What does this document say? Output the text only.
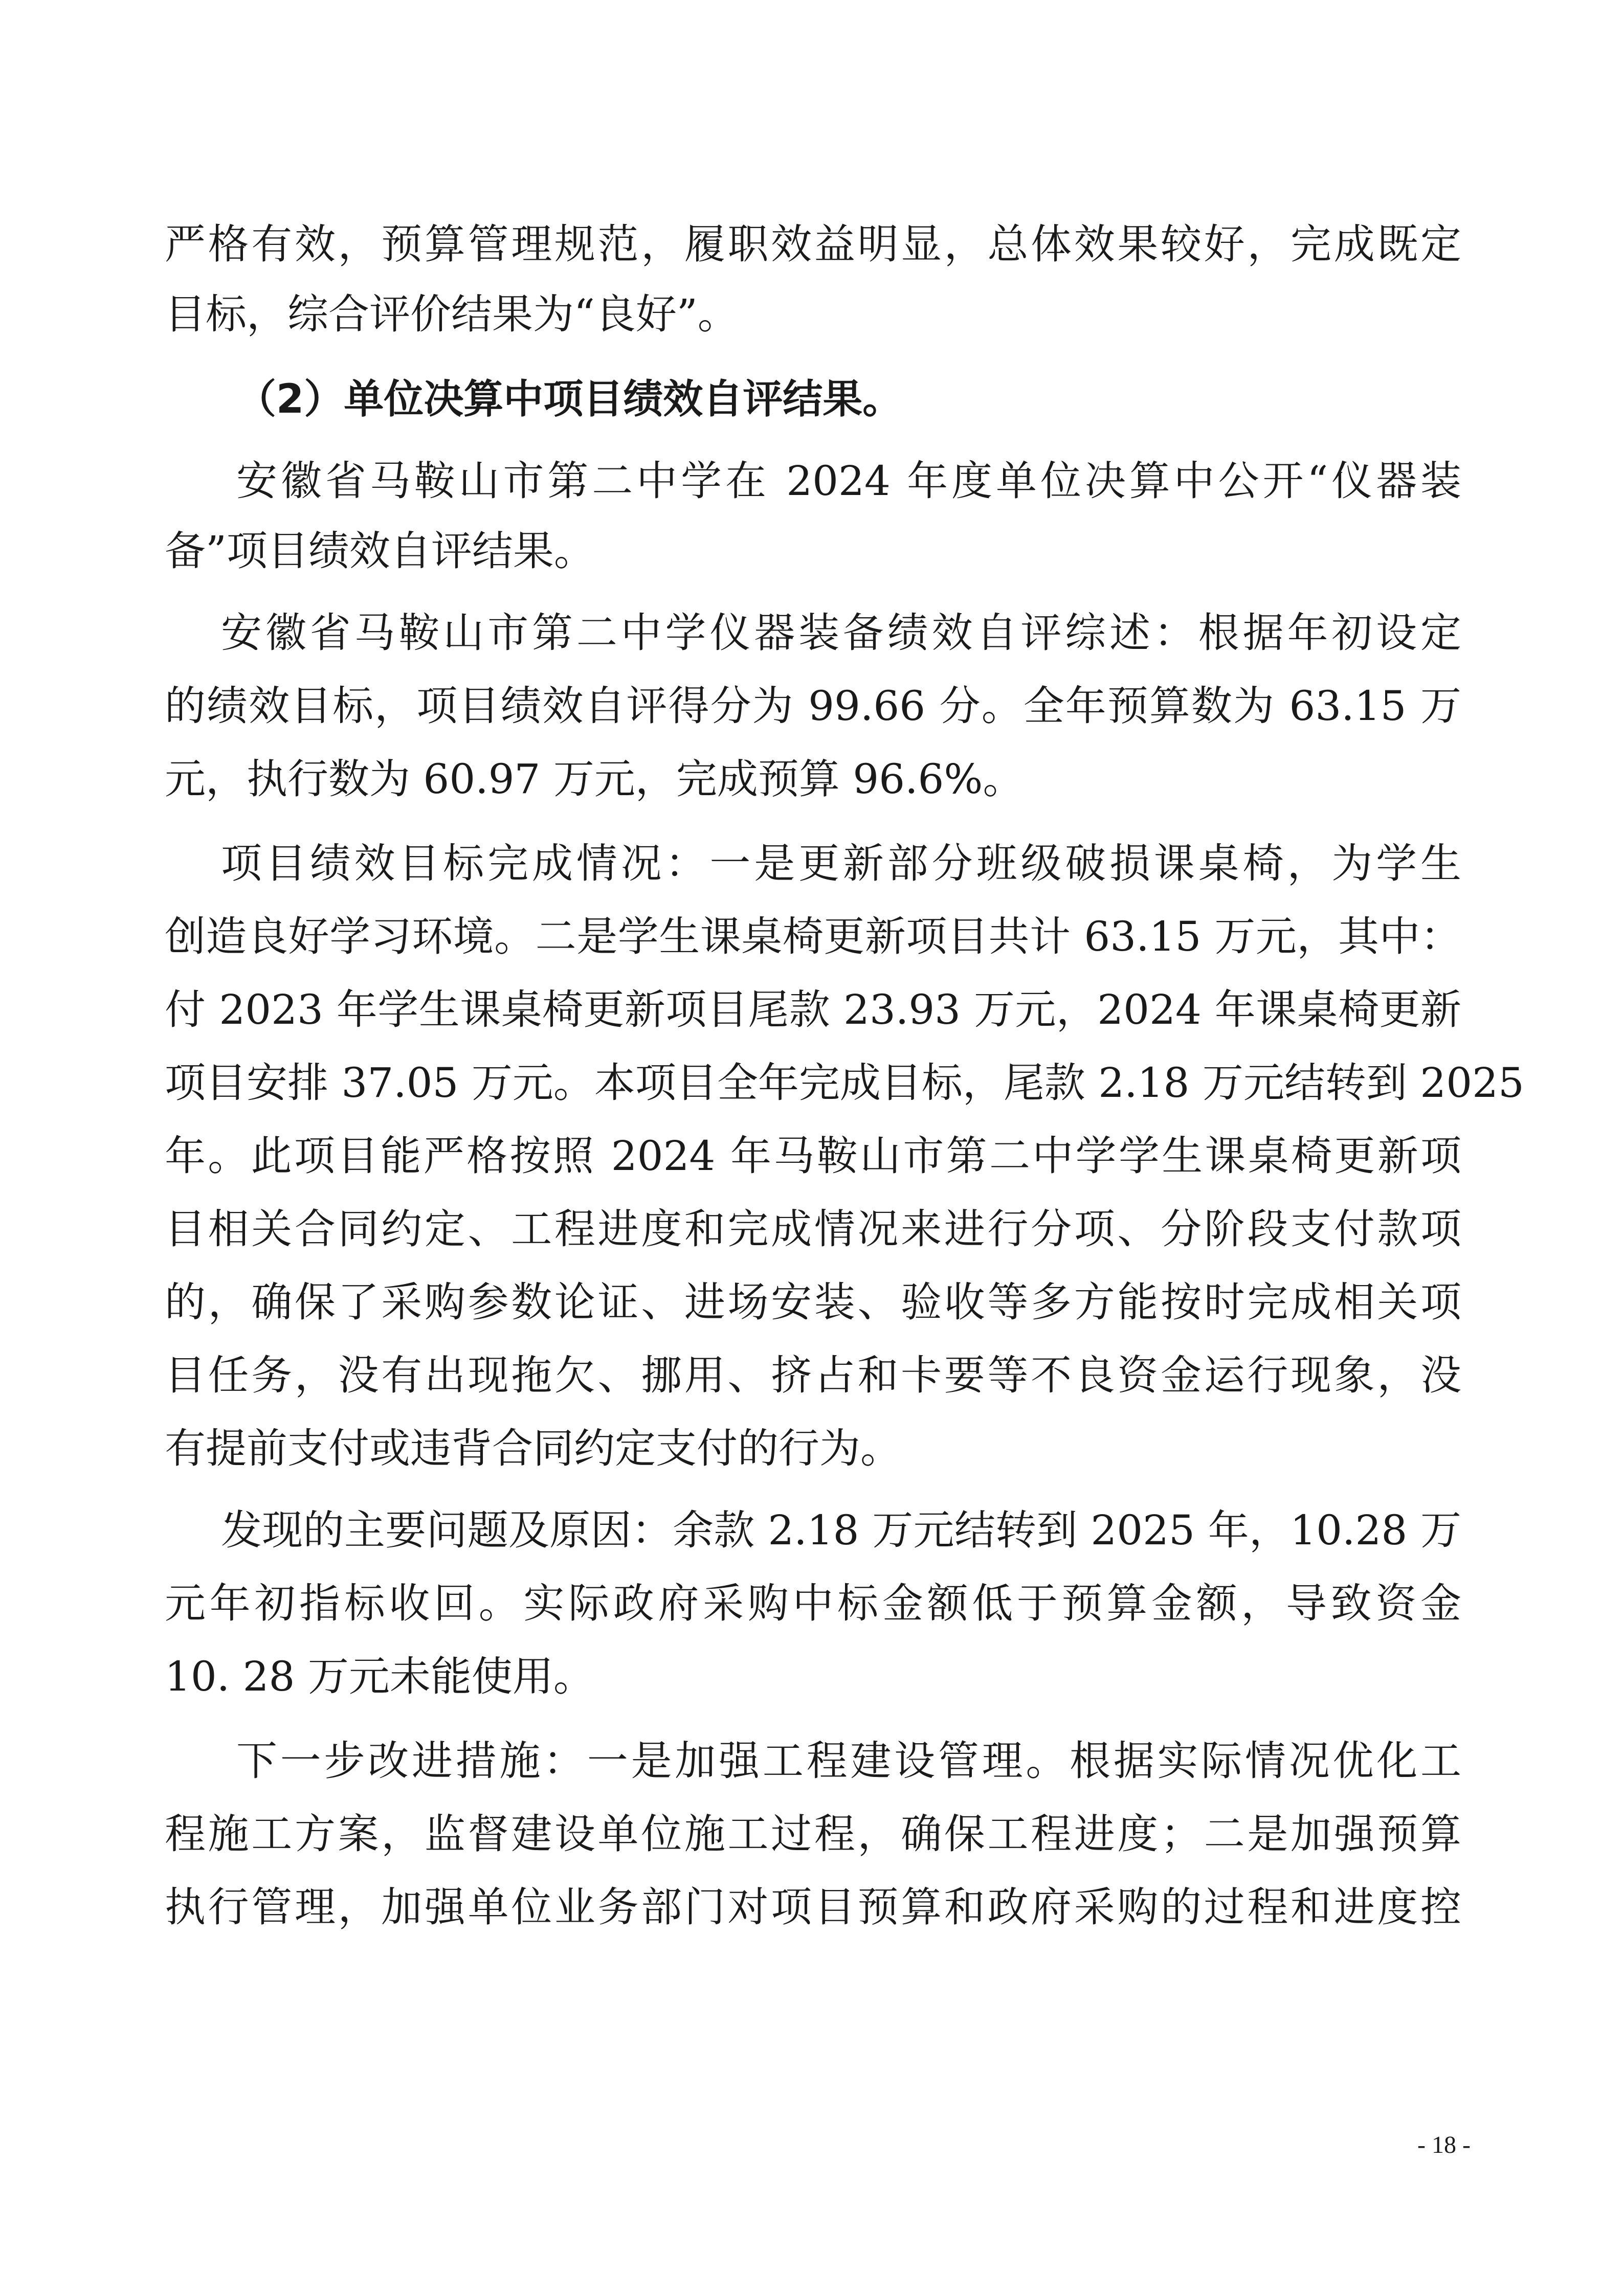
严格有效，预算管理规范，履职效益明显，总体效果较好，完成既定
目标，综合评价结果为“良好”。
（2）单位决算中项目绩效自评结果。
安徽省马鞍山市第二中学在 2024 年度单位决算中公开“仪器装
备”项目绩效自评结果。
安徽省马鞍山市第二中学仪器装备绩效自评综述：根据年初设定
的绩效目标，项目绩效自评得分为 99.66 分。全年预算数为 63.15 万
元，执行数为 60.97 万元，完成预算 96.6%。
项目绩效目标完成情况：一是更新部分班级破损课桌椅，为学生
创造良好学习环境。二是学生课桌椅更新项目共计 63.15 万元，其中：
付 2023 年学生课桌椅更新项目尾款 23.93 万元，2024 年课桌椅更新
项目安排 37.05 万元。本项目全年完成目标，尾款 2.18 万元结转到 2025
年。此项目能严格按照 2024 年马鞍山市第二中学学生课桌椅更新项
目相关合同约定、工程进度和完成情况来进行分项、分阶段支付款项
的，确保了采购参数论证、进场安装、验收等多方能按时完成相关项
目任务，没有出现拖欠、挪用、挤占和卡要等不良资金运行现象，没
有提前支付或违背合同约定支付的行为。
发现的主要问题及原因：余款 2.18 万元结转到 2025 年，10.28 万
元年初指标收回。实际政府采购中标金额低于预算金额，导致资金
10. 28 万元未能使用。
下一步改进措施：一是加强工程建设管理。根据实际情况优化工
程施工方案，监督建设单位施工过程，确保工程进度；二是加强预算
执行管理，加强单位业务部门对项目预算和政府采购的过程和进度控
- 18 -
